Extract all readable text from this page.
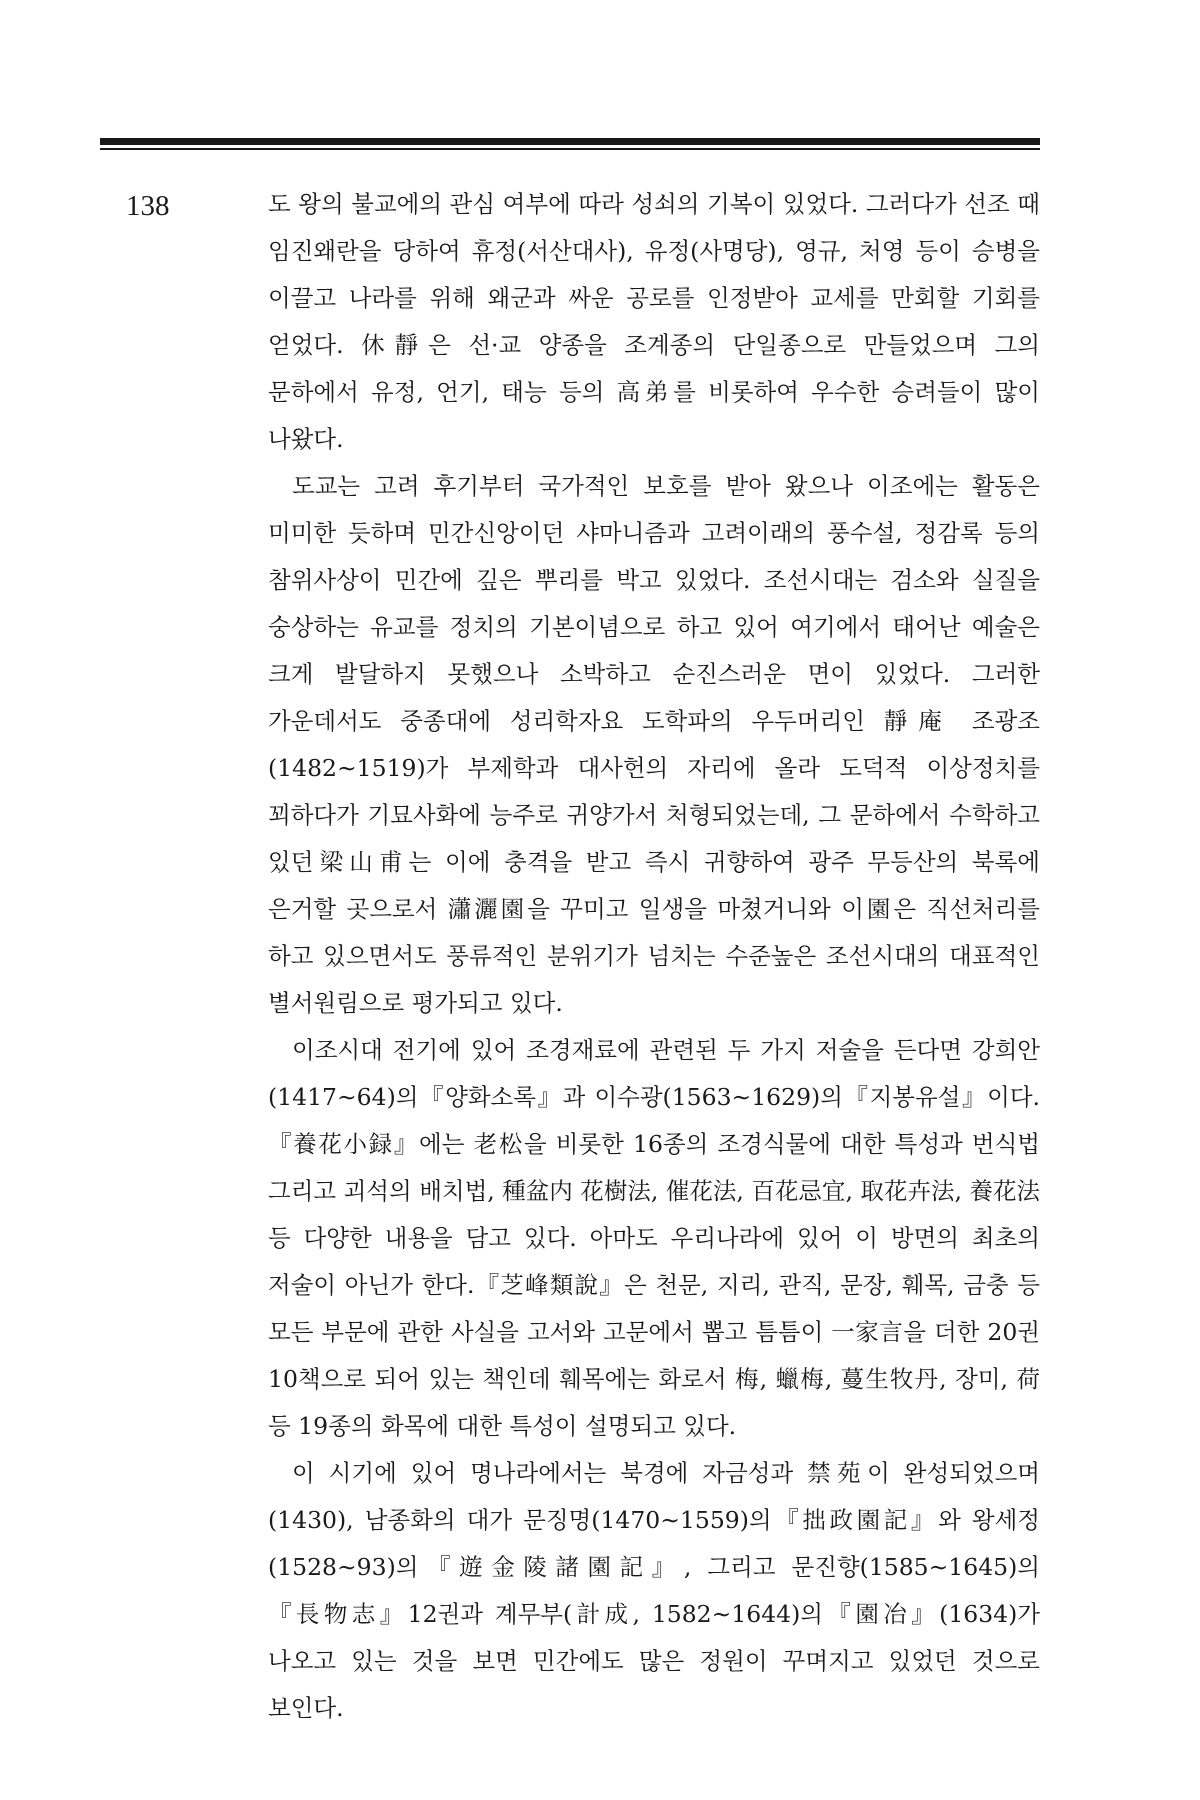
138	도 왕의 불교에의 관심 여부에 따라 성쇠의 기복이 있었다. 그러다가 선조 때 임진왜란을 당하여 휴정(서산대사), 유정(사명당), 영규, 처영 등이 승병을 이끌고 나라를 위해 왜군과 싸운 공로를 인정받아 교세를 만회할 기회를 얻었다. 休靜은 선·교 양종을 조계종의 단일종으로 만들었으며 그의 문하에서 유정, 언기, 태능 등의 高弟를 비롯하여 우수한 승려들이 많이 나왔다.

도교는 고려 후기부터 국가적인 보호를 받아 왔으나 이조에는 활동은 미미한 듯하며 민간신앙이던 샤마니즘과 고려이래의 풍수설, 정감록 등의 참위사상이 민간에 깊은 뿌리를 박고 있었다. 조선시대는 검소와 실질을 숭상하는 유교를 정치의 기본이념으로 하고 있어 여기에서 태어난 예술은 크게 발달하지 못했으나 소박하고 순진스러운 면이 있었다. 그러한 가운데서도 중종대에 성리학자요 도학파의 우두머리인 靜庵 조광조(1482∼1519)가 부제학과 대사헌의 자리에 올라 도덕적 이상정치를 꾀하다가 기묘사화에 능주로 귀양가서 처형되었는데, 그 문하에서 수학하고 있던梁山甫는 이에 충격을 받고 즉시 귀향하여 광주 무등산의 북록에 은거할 곳으로서 瀟灑園을 꾸미고 일생을 마쳤거니와 이園은 직선처리를 하고 있으면서도 풍류적인 분위기가 넘치는 수준높은 조선시대의 대표적인 별서원림으로 평가되고 있다.

이조시대 전기에 있어 조경재료에 관련된 두 가지 저술을 든다면 강희안(1417∼64)의『양화소록』과 이수광(1563∼1629)의『지봉유설』이다.『養花小録』에는 老松을 비롯한 16종의 조경식물에 대한 특성과 번식법 그리고 괴석의 배치법, 種盆内 花樹法, 催花法, 百花忌宜, 取花卉法, 養花法 등 다양한 내용을 담고 있다. 아마도 우리나라에 있어 이 방면의 최초의 저술이 아닌가 한다.『芝峰類說』은 천문, 지리, 관직, 문장, 훼목, 금충 등 모든 부문에 관한 사실을 고서와 고문에서 뽑고 틈틈이 一家言을 더한 20권 10책으로 되어 있는 책인데 훼목에는 화로서 梅, 蠟梅, 蔓生牧丹, 장미, 荷 등 19종의 화목에 대한 특성이 설명되고 있다.

이 시기에 있어 명나라에서는 북경에 자금성과 禁苑이 완성되었으며(1430), 남종화의 대가 문징명(1470∼1559)의『拙政園記』와 왕세정(1528∼93)의『遊金陵諸園記』, 그리고 문진향(1585∼1645)의『長物志』12권과 계무부(計成, 1582∼1644)의『園冶』(1634)가 나오고 있는 것을 보면 민간에도 많은 정원이 꾸며지고 있었던 것으로 보인다.
